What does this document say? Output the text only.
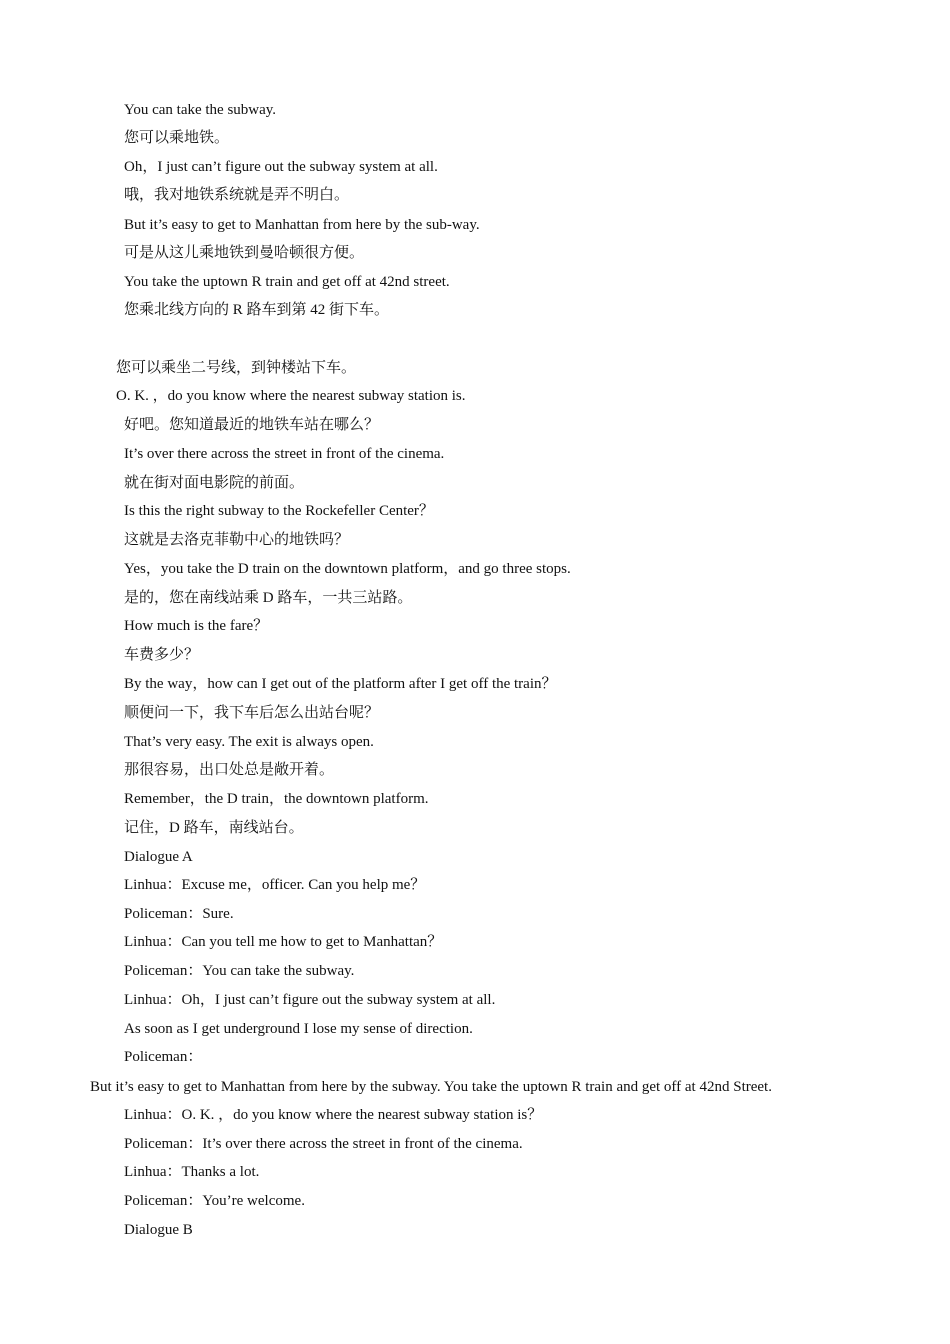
You can take the subway.

您可以乘地铁。

Oh，I just can’t figure out the subway system at all.

哦，我对地铁系统就是弄不明白。

But it’s easy to get to Manhattan from here by the sub-way.

可是从这儿乘地铁到曼哈顿很方便。

You take the uptown R train and get off at 42nd street.

您乘北线方向的 R 路车到第 42 街下车。

您可以乘坐二号线，到钟楼站下车。

O. K. ，do you know where the nearest subway station is.

好吧。您知道最近的地铁车站在哪么？

It’s over there across the street in front of the cinema.

就在街对面电影院的前面。

Is this the right subway to the Rockefeller Center？

这就是去洛克菲勒中心的地铁吗？

Yes，you take the D train on the downtown platform，and go three stops.

是的，您在南线站乘 D 路车，一共三站路。

How much is the fare？

车费多少？

By the way，how can I get out of the platform after I get off the train？

顺便问一下，我下车后怎么出站台呢？

That’s very easy. The exit is always open.

那很容易，出口处总是敞开着。

Remember，the D train，the downtown platform.

记住，D 路车，南线站台。

Dialogue A

Linhua：Excuse me，officer. Can you help me？

Policeman：Sure.

Linhua：Can you tell me how to get to Manhattan？

Policeman：You can take the subway.

Linhua：Oh，I just can’t figure out the subway system at all.

As soon as I get underground I lose my sense of direction.

Policeman：

But it’s easy to get to Manhattan from here by the subway. You take the uptown R train and get off at 42nd Street.

Linhua：O. K. ，do you know where the nearest subway station is？

Policeman：It’s over there across the street in front of the cinema.

Linhua：Thanks a lot.

Policeman：You’re welcome.

Dialogue B
